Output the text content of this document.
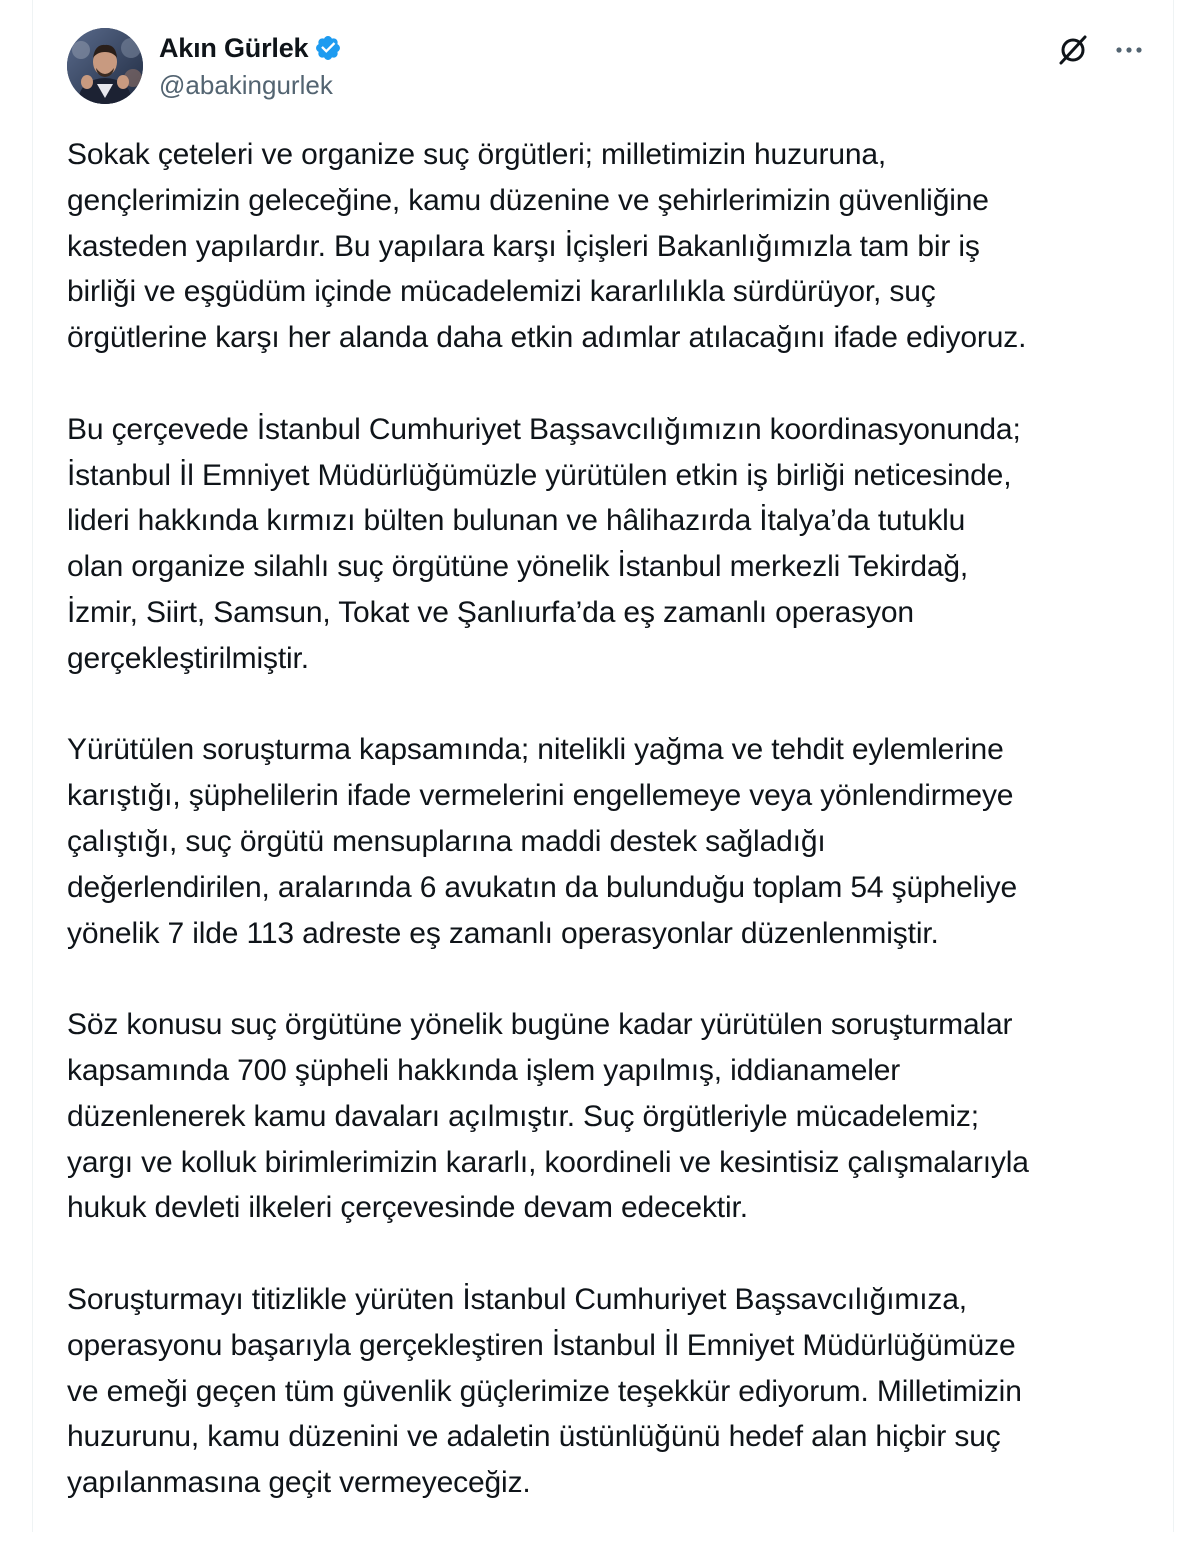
Akın Gürlek
@abakingurlek

Sokak çeteleri ve organize suç örgütleri; milletimizin huzuruna,
gençlerimizin geleceğine, kamu düzenine ve şehirlerimizin güvenliğine
kasteden yapılardır. Bu yapılara karşı İçişleri Bakanlığımızla tam bir iş
birliği ve eşgüdüm içinde mücadelemizi kararlılıkla sürdürüyor, suç
örgütlerine karşı her alanda daha etkin adımlar atılacağını ifade ediyoruz.

Bu çerçevede İstanbul Cumhuriyet Başsavcılığımızın koordinasyonunda;
İstanbul İl Emniyet Müdürlüğümüzle yürütülen etkin iş birliği neticesinde,
lideri hakkında kırmızı bülten bulunan ve hâlihazırda İtalya’da tutuklu
olan organize silahlı suç örgütüne yönelik İstanbul merkezli Tekirdağ,
İzmir, Siirt, Samsun, Tokat ve Şanlıurfa’da eş zamanlı operasyon
gerçekleştirilmiştir.

Yürütülen soruşturma kapsamında; nitelikli yağma ve tehdit eylemlerine
karıştığı, şüphelilerin ifade vermelerini engellemeye veya yönlendirmeye
çalıştığı, suç örgütü mensuplarına maddi destek sağladığı
değerlendirilen, aralarında 6 avukatın da bulunduğu toplam 54 şüpheliye
yönelik 7 ilde 113 adreste eş zamanlı operasyonlar düzenlenmiştir.

Söz konusu suç örgütüne yönelik bugüne kadar yürütülen soruşturmalar
kapsamında 700 şüpheli hakkında işlem yapılmış, iddianameler
düzenlenerek kamu davaları açılmıştır. Suç örgütleriyle mücadelemiz;
yargı ve kolluk birimlerimizin kararlı, koordineli ve kesintisiz çalışmalarıyla
hukuk devleti ilkeleri çerçevesinde devam edecektir.

Soruşturmayı titizlikle yürüten İstanbul Cumhuriyet Başsavcılığımıza,
operasyonu başarıyla gerçekleştiren İstanbul İl Emniyet Müdürlüğümüze
ve emeği geçen tüm güvenlik güçlerimize teşekkür ediyorum. Milletimizin
huzurunu, kamu düzenini ve adaletin üstünlüğünü hedef alan hiçbir suç
yapılanmasına geçit vermeyeceğiz.
